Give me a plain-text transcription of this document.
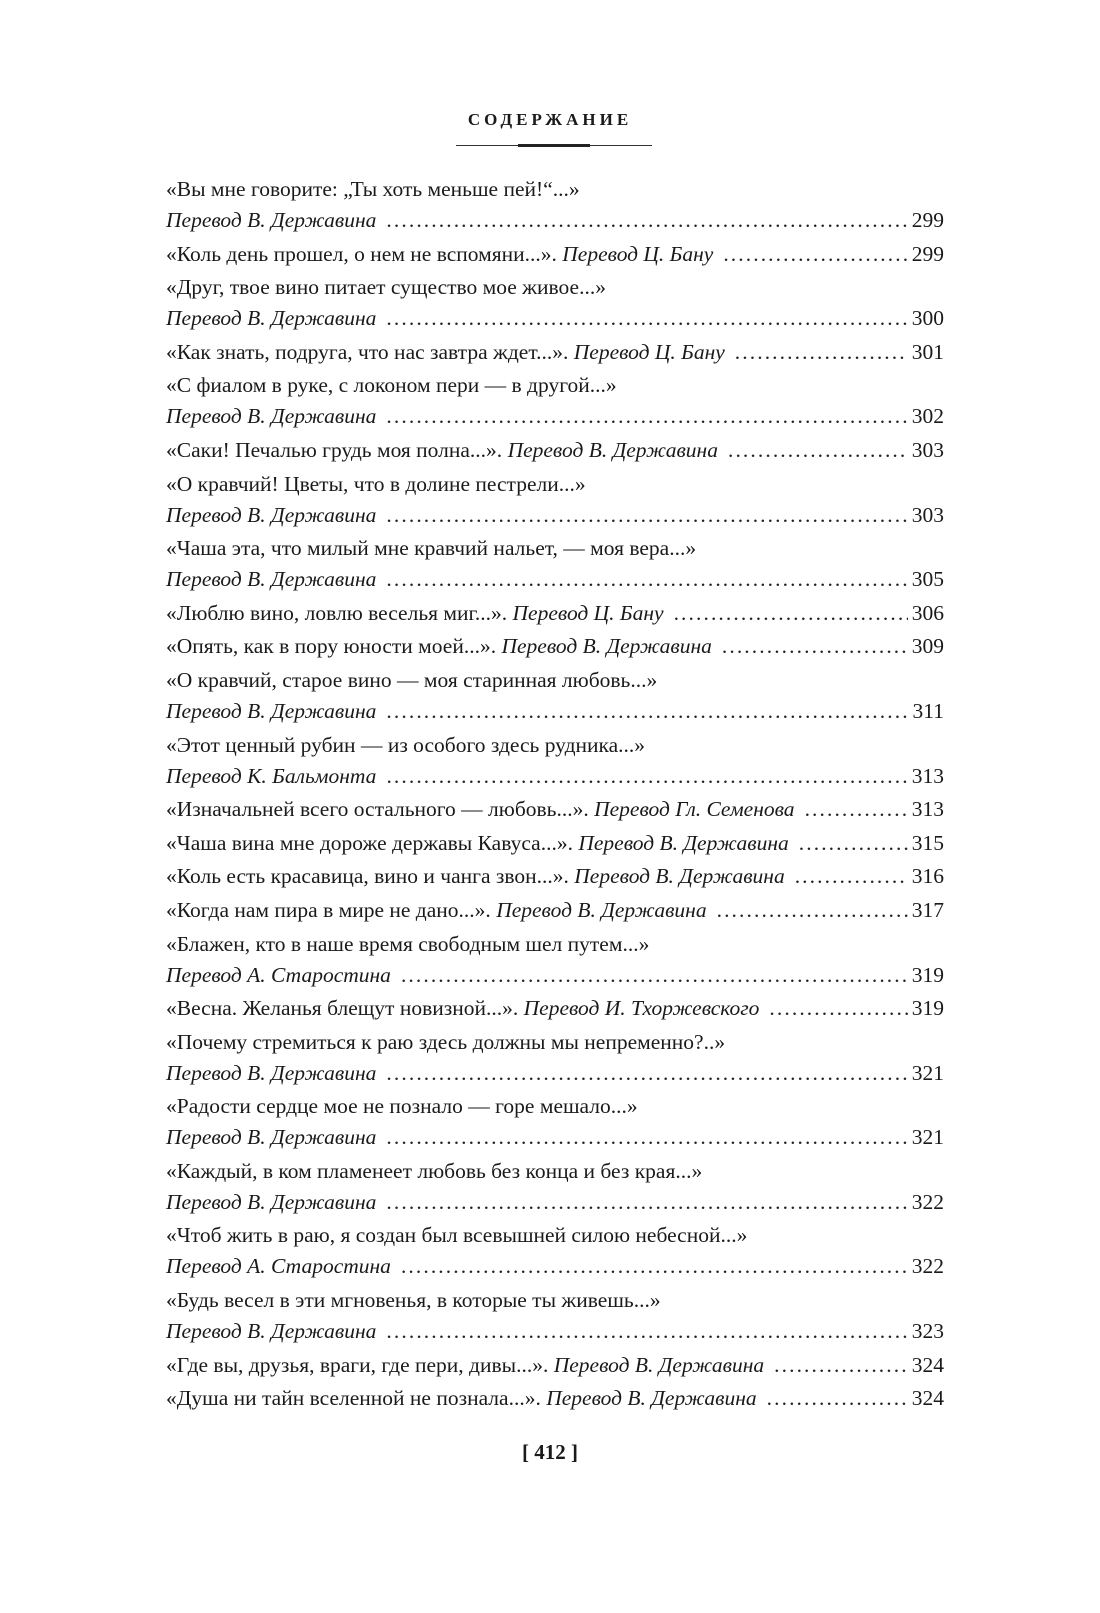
СОДЕРЖАНИЕ
«Вы мне говорите: „Ты хоть меньше пей!“...»
Перевод В. Державина .....	299
«Коль день прошел, о нем не вспомяни...».
Перевод Ц. Бану .....	299
«Друг, твое вино питает существо мое живое...»
Перевод В. Державина .....	300
«Как знать, подруга, что нас завтра ждет...».
Перевод Ц. Бану .....	301
«С фиалом в руке, с локоном пери — в другой...»
Перевод В. Державина .....	302
«Саки! Печалью грудь моя полна...».
Перевод В. Державина .....	303
«О кравчий! Цветы, что в долине пестрели...»
Перевод В. Державина .....	303
«Чаша эта, что милый мне кравчий нальет, — моя вера...»
Перевод В. Державина .....	305
«Люблю вино, ловлю веселья миг...».
Перевод Ц. Бану .....	306
«Опять, как в пору юности моей...».
Перевод В. Державина .....	309
«О кравчий, старое вино — моя старинная любовь...»
Перевод В. Державина .....	311
«Этот ценный рубин — из особого здесь рудника...»
Перевод К. Бальмонта .....	313
«Изначальней всего остального — любовь...».
Перевод Гл. Семенова .....	313
«Чаша вина мне дороже державы Кавуса...».
Перевод В. Державина .....	315
«Коль есть красавица, вино и чанга звон...».
Перевод В. Державина .....	316
«Когда нам пира в мире не дано...».
Перевод В. Державина .....	317
«Блажен, кто в наше время свободным шел путем...»
Перевод А. Старостина .....	319
«Весна. Желанья блещут новизной...».
Перевод И. Тхоржевского .....	319
«Почему стремиться к раю здесь должны мы непременно?..»
Перевод В. Державина .....	321
«Радости сердце мое не познало — горе мешало...»
Перевод В. Державина .....	321
«Каждый, в ком пламенеет любовь без конца и без края...»
Перевод В. Державина .....	322
«Чтоб жить в раю, я создан был всевышней силою небесной...»
Перевод А. Старостина .....	322
«Будь весел в эти мгновенья, в которые ты живешь...»
Перевод В. Державина .....	323
«Где вы, друзья, враги, где пери, дивы...».
Перевод В. Державина .....	324
«Душа ни тайн вселенной не познала...».
Перевод В. Державина .....	324
[ 412 ]
